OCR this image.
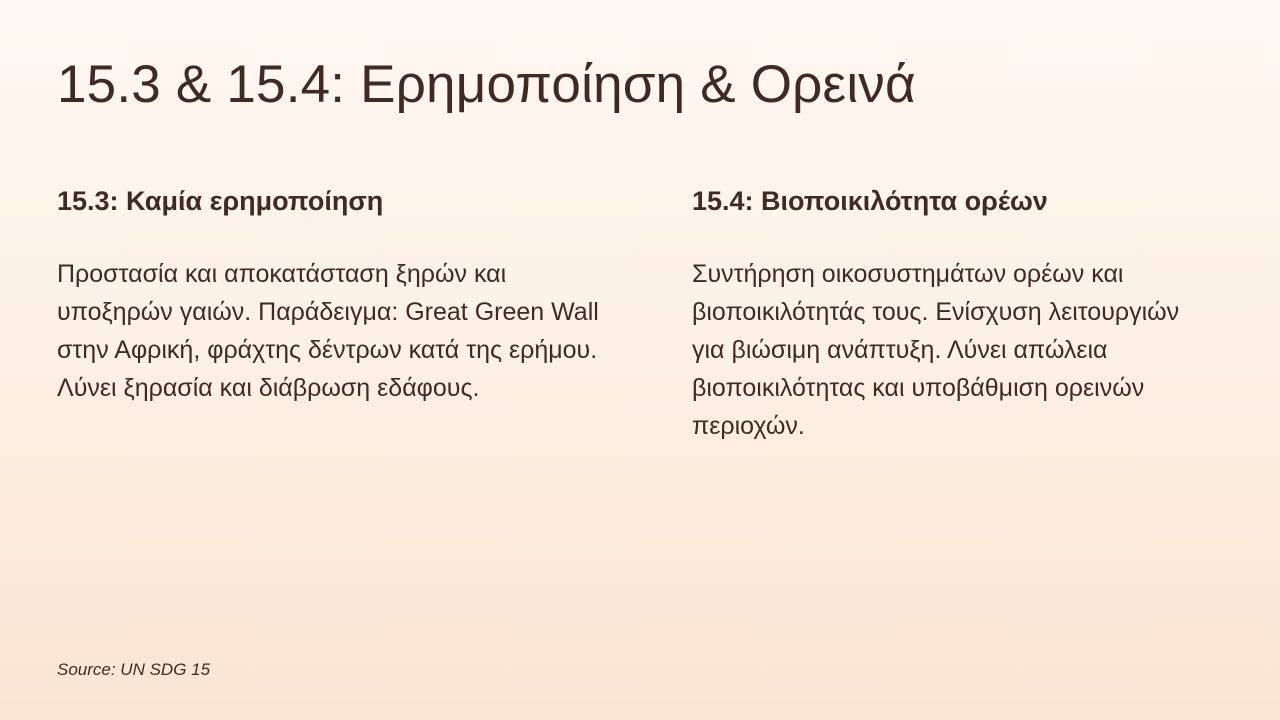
15.3 & 15.4: Ερημοποίηση & Ορεινά
15.3: Καμία ερημοποίηση

Προστασία και αποκατάσταση ξηρών και υποξηρών γαιών. Παράδειγμα: Great Green Wall στην Αφρική, φράχτης δέντρων κατά της ερήμου. Λύνει ξηρασία και διάβρωση εδάφους.

15.4: Βιοποικιλότητα ορέων

Συντήρηση οικοσυστημάτων ορέων και βιοποικιλότητάς τους. Ενίσχυση λειτουργιών για βιώσιμη ανάπτυξη. Λύνει απώλεια βιοποικιλότητας και υποβάθμιση ορεινών περιοχών.

Source: UN SDG 15
